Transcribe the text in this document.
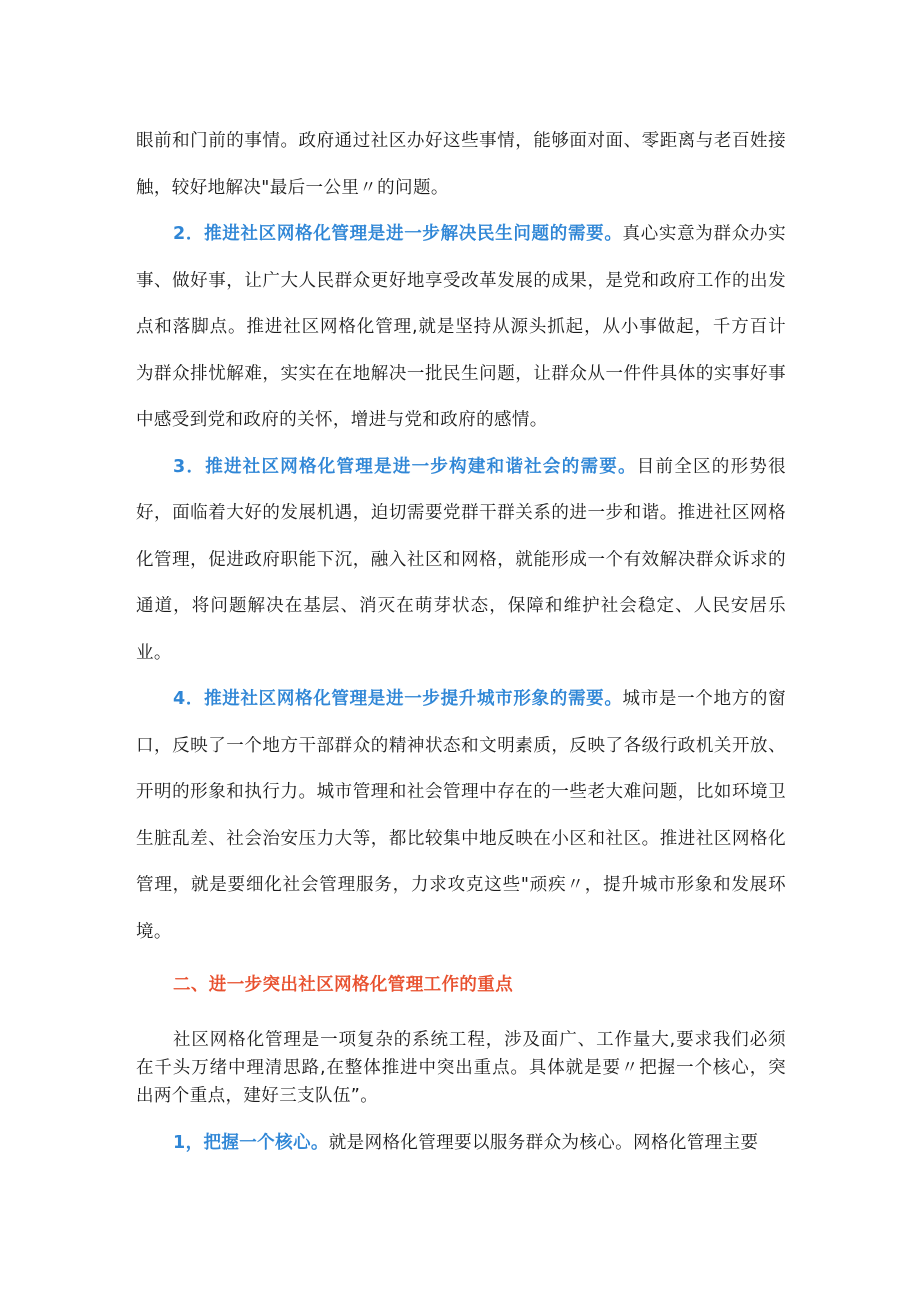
眼前和门前的事情。政府通过社区办好这些事情，能够面对面、零距离与老百姓接触，较好地解决"最后一公里〃的问题。

2．推进社区网格化管理是进一步解决民生问题的需要。真心实意为群众办实事、做好事，让广大人民群众更好地享受改革发展的成果，是党和政府工作的出发点和落脚点。推进社区网格化管理,就是坚持从源头抓起，从小事做起，千方百计为群众排忧解难，实实在在地解决一批民生问题，让群众从一件件具体的实事好事中感受到党和政府的关怀，增进与党和政府的感情。

3．推进社区网格化管理是进一步构建和谐社会的需要。目前全区的形势很好，面临着大好的发展机遇，迫切需要党群干群关系的进一步和谐。推进社区网格化管理，促进政府职能下沉，融入社区和网格，就能形成一个有效解决群众诉求的通道，将问题解决在基层、消灭在萌芽状态，保障和维护社会稳定、人民安居乐业。

4．推进社区网格化管理是进一步提升城市形象的需要。城市是一个地方的窗口，反映了一个地方干部群众的精神状态和文明素质，反映了各级行政机关开放、开明的形象和执行力。城市管理和社会管理中存在的一些老大难问题，比如环境卫生脏乱差、社会治安压力大等，都比较集中地反映在小区和社区。推进社区网格化管理，就是要细化社会管理服务，力求攻克这些"顽疾〃，提升城市形象和发展环境。

二、进一步突出社区网格化管理工作的重点

社区网格化管理是一项复杂的系统工程，涉及面广、工作量大,要求我们必须在千头万绪中理清思路,在整体推进中突出重点。具体就是要〃把握一个核心，突出两个重点，建好三支队伍”。

1，把握一个核心。就是网格化管理要以服务群众为核心。网格化管理主要
